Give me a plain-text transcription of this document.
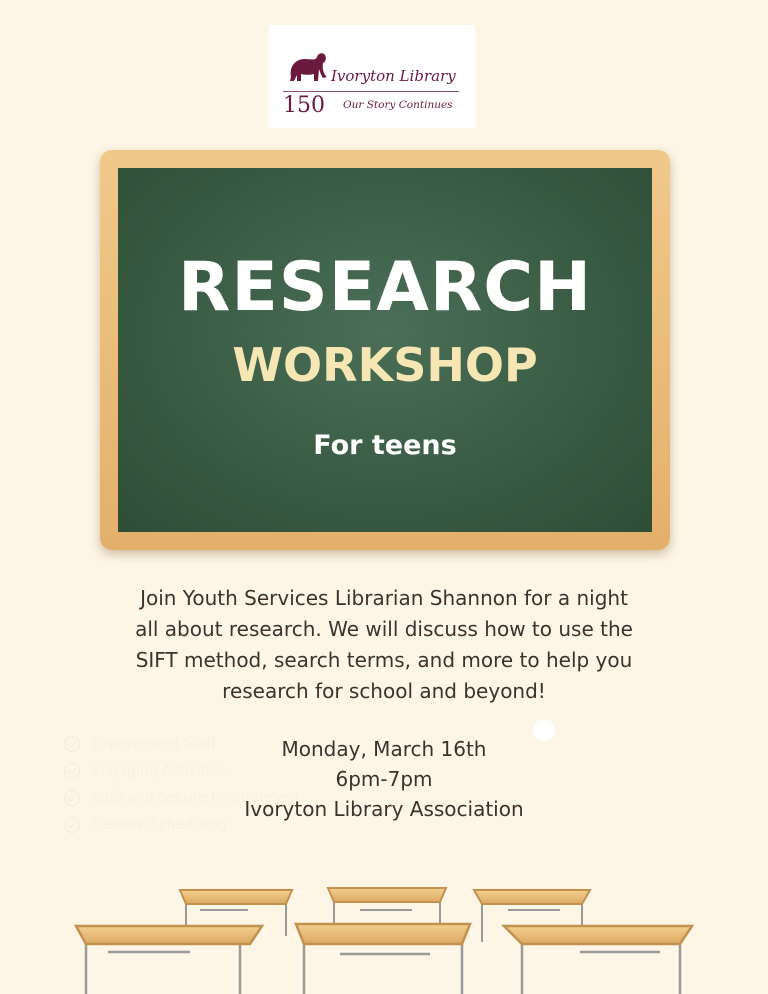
Ivoryton Library
150 Our Story Continues
RESEARCH
WORKSHOP
For teens
Join Youth Services Librarian Shannon for a night
all about research. We will discuss how to use the
SIFT method, search terms, and more to help you
research for school and beyond!
Experienced Staff
Engaging Activities
Safe and Secure Environment
Flexible Scheduling
Monday, March 16th
6pm-7pm
Ivoryton Library Association
